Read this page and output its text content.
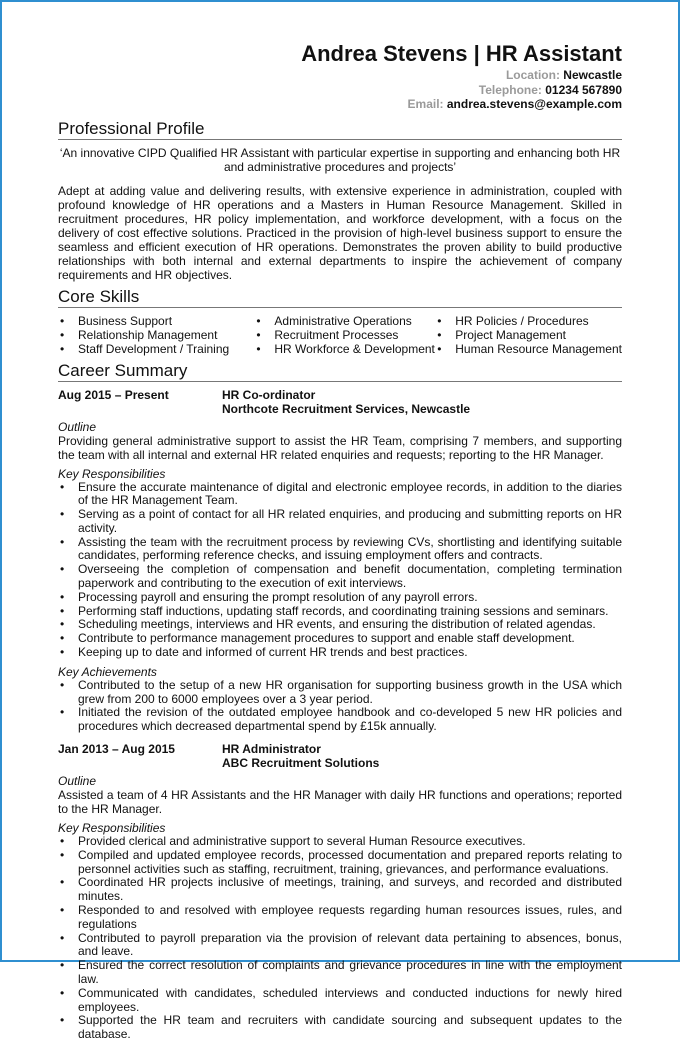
Andrea Stevens | HR Assistant
Location: Newcastle
Telephone: 01234 567890
Email: andrea.stevens@example.com
Professional Profile
‘An innovative CIPD Qualified HR Assistant with particular expertise in supporting and enhancing both HR and administrative procedures and projects’

Adept at adding value and delivering results, with extensive experience in administration, coupled with profound knowledge of HR operations and a Masters in Human Resource Management. Skilled in recruitment procedures, HR policy implementation, and workforce development, with a focus on the delivery of cost effective solutions. Practiced in the provision of high-level business support to ensure the seamless and efficient execution of HR operations. Demonstrates the proven ability to build productive relationships with both internal and external departments to inspire the achievement of company requirements and HR objectives.

Core Skills
• Business Support
• Relationship Management
• Staff Development / Training
• Administrative Operations
• Recruitment Processes
• HR Workforce & Development
• HR Policies / Procedures
• Project Management
• Human Resource Management
Career Summary
Aug 2015 – Present	HR Co-ordinator
Northcote Recruitment Services, Newcastle
Outline

Providing general administrative support to assist the HR Team, comprising 7 members, and supporting the team with all internal and external HR related enquiries and requests; reporting to the HR Manager.

Key Responsibilities
• Ensure the accurate maintenance of digital and electronic employee records, in addition to the diaries of the HR Management Team.
• Serving as a point of contact for all HR related enquiries, and producing and submitting reports on HR activity.
• Assisting the team with the recruitment process by reviewing CVs, shortlisting and identifying suitable candidates, performing reference checks, and issuing employment offers and contracts.
• Overseeing the completion of compensation and benefit documentation, completing termination paperwork and contributing to the execution of exit interviews.
• Processing payroll and ensuring the prompt resolution of any payroll errors.
• Performing staff inductions, updating staff records, and coordinating training sessions and seminars.
• Scheduling meetings, interviews and HR events, and ensuring the distribution of related agendas.
• Contribute to performance management procedures to support and enable staff development.
• Keeping up to date and informed of current HR trends and best practices.
Key Achievements
• Contributed to the setup of a new HR organisation for supporting business growth in the USA which grew from 200 to 6000 employees over a 3 year period.
• Initiated the revision of the outdated employee handbook and co-developed 5 new HR policies and procedures which decreased departmental spend by £15k annually.
Jan 2013 – Aug 2015	HR Administrator
ABC Recruitment Solutions
Outline

Assisted a team of 4 HR Assistants and the HR Manager with daily HR functions and operations; reported to the HR Manager.

Key Responsibilities
• Provided clerical and administrative support to several Human Resource executives.
• Compiled and updated employee records, processed documentation and prepared reports relating to personnel activities such as staffing, recruitment, training, grievances, and performance evaluations.
• Coordinated HR projects inclusive of meetings, training, and surveys, and recorded and distributed minutes.
• Responded to and resolved with employee requests regarding human resources issues, rules, and regulations
• Contributed to payroll preparation via the provision of relevant data pertaining to absences, bonus, and leave.
• Ensured the correct resolution of complaints and grievance procedures in line with the employment law.
• Communicated with candidates, scheduled interviews and conducted inductions for newly hired employees.
• Supported the HR team and recruiters with candidate sourcing and subsequent updates to the database.
